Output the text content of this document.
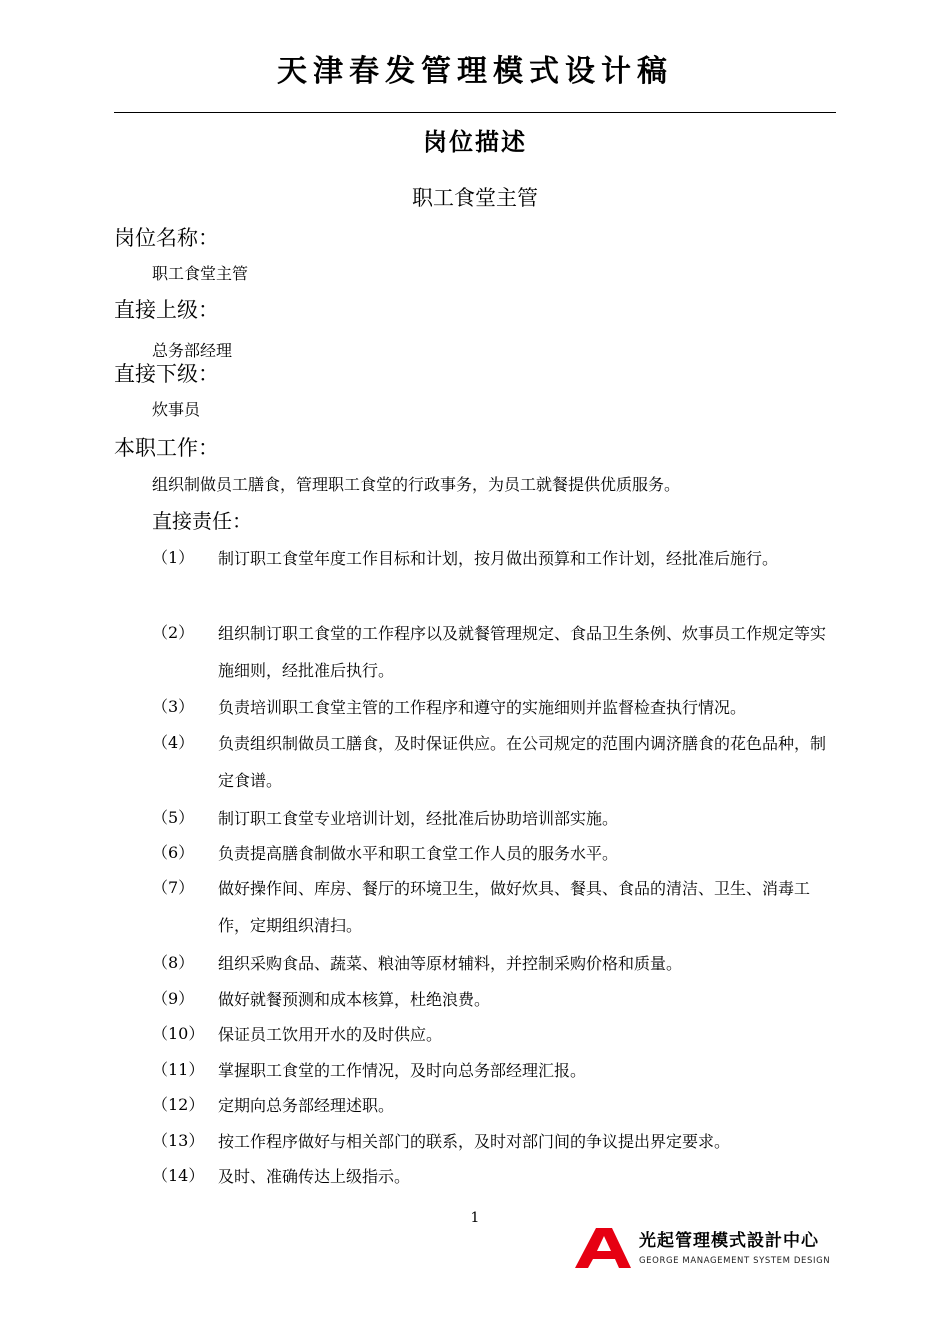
天津春发管理模式设计稿
岗位描述
职工食堂主管
岗位名称：
职工食堂主管
直接上级：
总务部经理
直接下级：
炊事员
本职工作：
组织制做员工膳食，管理职工食堂的行政事务，为员工就餐提供优质服务。
直接责任：
（1）	制订职工食堂年度工作目标和计划，按月做出预算和工作计划，经批准后施行。
（2）	组织制订职工食堂的工作程序以及就餐管理规定、食品卫生条例、炊事员工作规定等实施细则，经批准后执行。
（3）	负责培训职工食堂主管的工作程序和遵守的实施细则并监督检查执行情况。
（4）	负责组织制做员工膳食，及时保证供应。在公司规定的范围内调济膳食的花色品种，制定食谱。
（5）	制订职工食堂专业培训计划，经批准后协助培训部实施。
（6）	负责提高膳食制做水平和职工食堂工作人员的服务水平。
（7）	做好操作间、库房、餐厅的环境卫生，做好炊具、餐具、食品的清洁、卫生、消毒工作，定期组织清扫。
（8）	组织采购食品、蔬菜、粮油等原材辅料，并控制采购价格和质量。
（9）	做好就餐预测和成本核算，杜绝浪费。
（10） 保证员工饮用开水的及时供应。
（11） 掌握职工食堂的工作情况，及时向总务部经理汇报。
（12） 定期向总务部经理述职。
（13） 按工作程序做好与相关部门的联系，及时对部门间的争议提出界定要求。
（14） 及时、准确传达上级指示。
1
光起管理模式設計中心
GEORGE MANAGEMENT SYSTEM DESIGN
